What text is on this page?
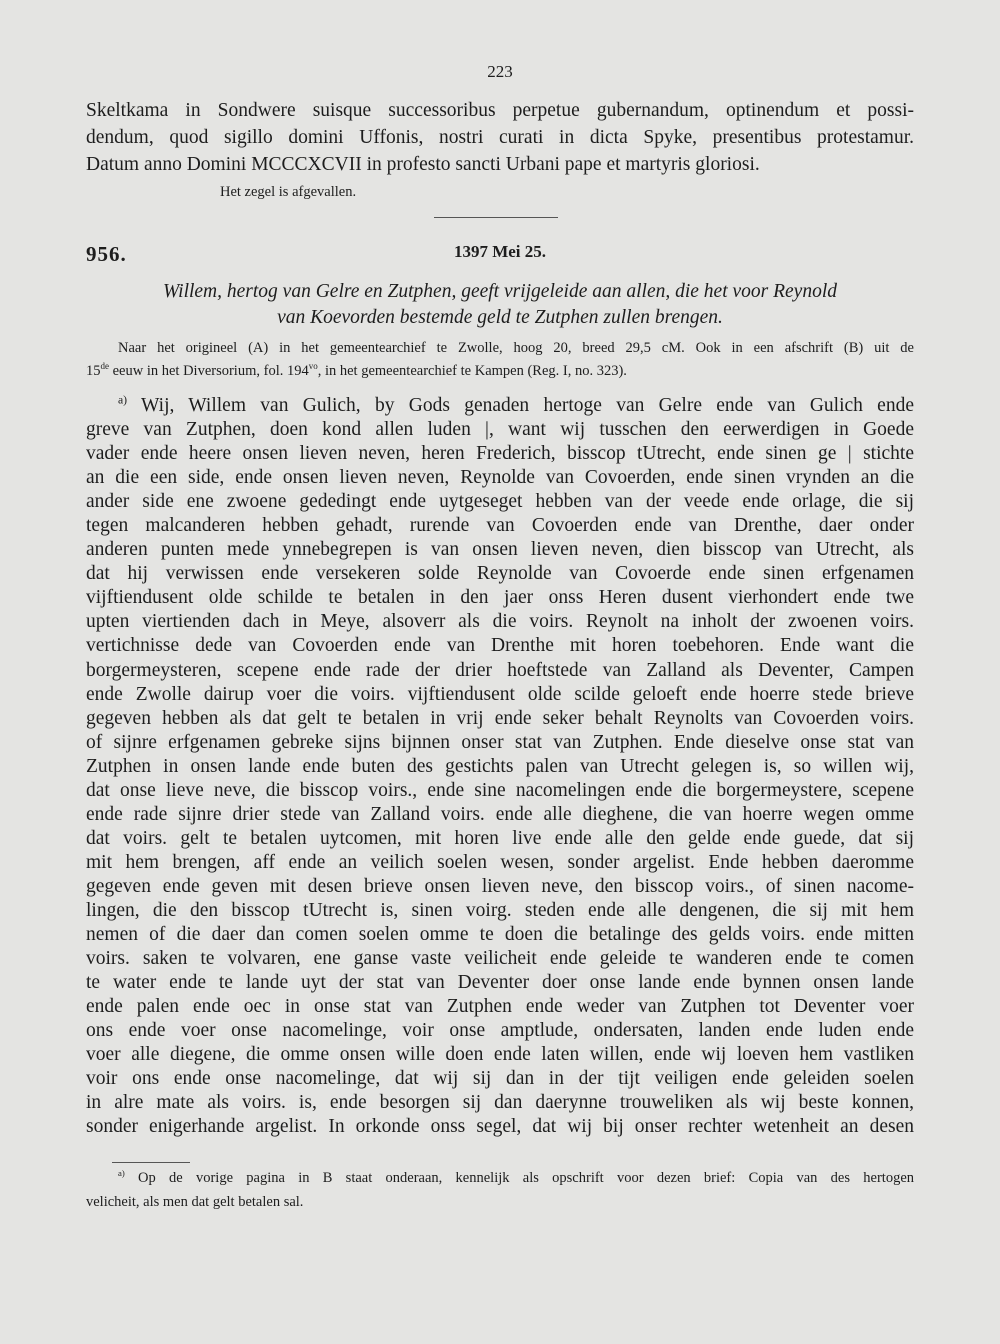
223
Skeltkama in Sondwere suisque successoribus perpetue gubernandum, optinendum et possi-
dendum, quod sigillo domini Uffonis, nostri curati in dicta Spyke, presentibus protestamur.
Datum anno Domini MCCCXCVII in profesto sancti Urbani pape et martyris gloriosi.
Het zegel is afgevallen.
956.	1397 Mei 25.
Willem, hertog van Gelre en Zutphen, geeft vrijgeleide aan allen, die het voor Reynold
van Koevorden bestemde geld te Zutphen zullen brengen.
Naar het origineel (A) in het gemeentearchief te Zwolle, hoog 20, breed 29,5 cM. Ook in een afschrift (B) uit de
15de eeuw in het Diversorium, fol. $194^{vo}$, in het gemeentearchief te Kampen (Reg. I, no. 323).
$^{a)}$ Wij, Willem van Gulich, by Gods genaden hertoge van Gelre ende van Gulich ende
greve van Zutphen, doen kond allen luden |, want wij tusschen den eerwerdigen in Goede
vader ende heere onsen lieven neven, heren Frederich, bisscop tUtrecht, ende sinen ge | stichte
an die een side, ende onsen lieven neven, Reynolde van Covoerden, ende sinen vrynden an die
ander side ene zwoene gededingt ende uytgeseget hebben van der veede ende orlage, die sij
tegen malcanderen hebben gehadt, rurende van Covoerden ende van Drenthe, daer onder
anderen punten mede ynnebegrepen is van onsen lieven neven, dien bisscop van Utrecht, als
dat hij verwissen ende versekeren solde Reynolde van Covoerde ende sinen erfgenamen
vijftiendusent olde schilde te betalen in den jaer onss Heren dusent vierhondert ende twe
upten viertienden dach in Meye, alsoverr als die voirs. Reynolt na inholt der zwoenen voirs.
vertichnisse dede van Covoerden ende van Drenthe mit horen toebehoren. Ende want die
borgermeysteren, scepene ende rade der drier hoeftstede van Zalland als Deventer, Campen
ende Zwolle dairup voer die voirs. vijftiendusent olde scilde geloeft ende hoerre stede brieve
gegeven hebben als dat gelt te betalen in vrij ende seker behalt Reynolts van Covoerden voirs.
of sijnre erfgenamen gebreke sijns bijnnen onser stat van Zutphen. Ende dieselve onse stat van
Zutphen in onsen lande ende buten des gestichts palen van Utrecht gelegen is, so willen wij,
dat onse lieve neve, die bisscop voirs., ende sine nacomelingen ende die borgermeystere, scepene
ende rade sijnre drier stede van Zalland voirs. ende alle dieghene, die van hoerre wegen omme
dat voirs. gelt te betalen uytcomen, mit horen live ende alle den gelde ende guede, dat sij
mit hem brengen, aff ende an veilich soelen wesen, sonder argelist. Ende hebben daeromme
gegeven ende geven mit desen brieve onsen lieven neve, den bisscop voirs., of sinen nacome-
lingen, die den bisscop tUtrecht is, sinen voirg. steden ende alle dengenen, die sij mit hem
nemen of die daer dan comen soelen omme te doen die betalinge des gelds voirs. ende mitten
voirs. saken te volvaren, ene ganse vaste veilicheit ende geleide te wanderen ende te comen
te water ende te lande uyt der stat van Deventer doer onse lande ende bynnen onsen lande
ende palen ende oec in onse stat van Zutphen ende weder van Zutphen tot Deventer voer
ons ende voer onse nacomelinge, voir onse amptlude, ondersaten, landen ende luden ende
voer alle diegene, die omme onsen wille doen ende laten willen, ende wij loeven hem vastliken
voir ons ende onse nacomelinge, dat wij sij dan in der tijt veiligen ende geleiden soelen
in alre mate als voirs. is, ende besorgen sij dan daerynne trouweliken als wij beste konnen,
sonder enigerhande argelist. In orkonde onss segel, dat wij bij onser rechter wetenheit an desen
$^{a)}$ Op de vorige pagina in B staat onderaan, kennelijk als opschrift voor dezen brief: Copia van des hertogen
velicheit, als men dat gelt betalen sal.
